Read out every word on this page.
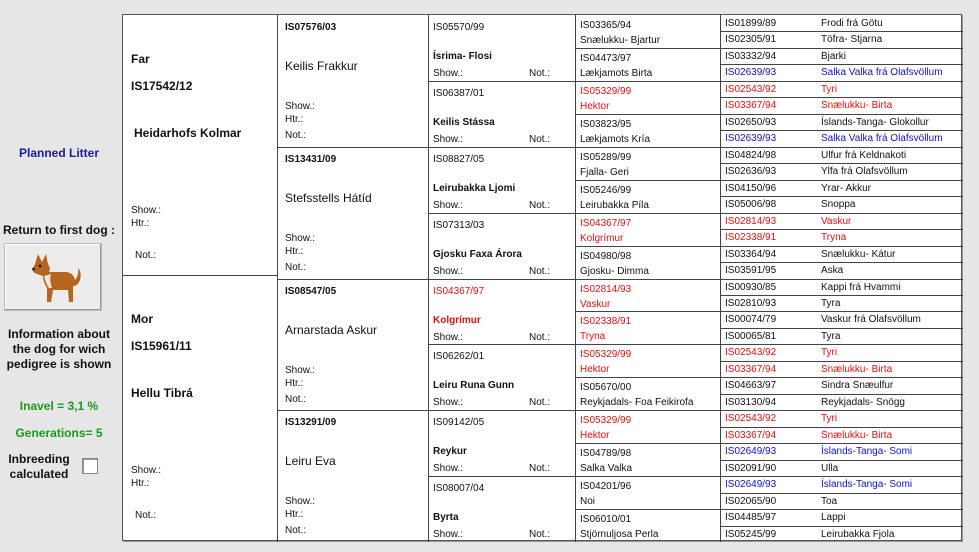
Planned Litter
Return to first dog :
Information about the dog for wich pedigree is shown
Inavel = 3,1 %
Generations= 5
Inbreeding calculated
Far
IS17542/12
Heidarhofs Kolmar
Show.:
Htr.:
Not.:
Mor
IS15961/11
Hellu Tibrá
Show.:
Htr.:
Not.:
IS07576/03
Keilis Frakkur
Show.:
Htr.:
Not.:
IS13431/09
Stefsstells Hátíd
Show.:
Htr.:
Not.:
IS08547/05
Arnarstada Askur
Show.:
Htr.:
Not.:
IS13291/09
Leiru Eva
Show.:
Htr.:
Not.:
IS05570/99
Ísrima- Flosi
Show.:	Not.:
IS06387/01
Keilis Stássa
Show.:	Not.:
IS08827/05
Leirubakka Ljomi
Show.:	Not.:
IS07313/03
Gjosku Faxa Árora
Show.:	Not.:
IS04367/97
Kolgrímur
Show.:	Not.:
IS06262/01
Leiru Runa Gunn
Show.:	Not.:
IS09142/05
Reykur
Show.:	Not.:
IS08007/04
Byrta
Show.:	Not.:
IS03365/94
Snælukku- Bjartur
IS04473/97
Lækjamots Birta
IS05329/99
Hektor
IS03823/95
Lækjamots Kría
IS05289/99
Fjalla- Geri
IS05246/99
Leirubakka Píla
IS04367/97
Kolgrímur
IS04980/98
Gjosku- Dimma
IS02814/93
Vaskur
IS02338/91
Tryna
IS05329/99
Hektor
IS05670/00
Reykjadals- Foa Feikirofa
IS05329/99
Hektor
IS04789/98
Salka Valka
IS04201/96
Noi
IS06010/01
Stjörnuljosa Perla
IS01899/89	Frodi frá Götu
IS02305/91	Töfra- Stjarna
IS03332/94	Bjarki
IS02639/93	Salka Valka frá Olafsvöllum
IS02543/92	Tyri
IS03367/94	Snælukku- Birta
IS02650/93	Íslands-Tanga- Glokollur
IS02639/93	Salka Valka frá Olafsvöllum
IS04824/98	Ulfur frá Keldnakoti
IS02636/93	Ylfa frá Olafsvöllum
IS04150/96	Yrar- Akkur
IS05006/98	Snoppa
IS02814/93	Vaskur
IS02338/91	Tryna
IS03364/94	Snælukku- Kátur
IS03591/95	Aska
IS00930/85	Kappi frá Hvammi
IS02810/93	Tyra
IS00074/79	Vaskur frá Olafsvöllum
IS00065/81	Tyra
IS02543/92	Tyri
IS03367/94	Snælukku- Birta
IS04663/97	Sindra Snæulfur
IS03130/94	Reykjadals- Snögg
IS02543/92	Tyri
IS03367/94	Snælukku- Birta
IS02649/93	Íslands-Tanga- Somi
IS02091/90	Ulla
IS02649/93	Íslands-Tanga- Somi
IS02065/90	Toa
IS04485/97	Lappi
IS05245/99	Leirubakka Fjola
